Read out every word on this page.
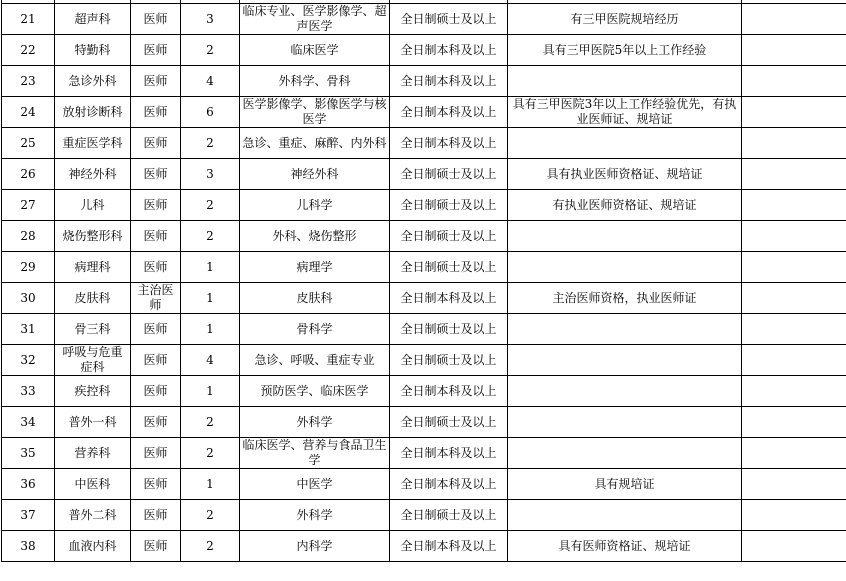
21	超声科	医师	3	临床专业、医学影像学、超声医学	全日制硕士及以上	有三甲医院规培经历	
22	特勤科	医师	2	临床医学	全日制本科及以上	具有三甲医院5年以上工作经验	
23	急诊外科	医师	4	外科学、骨科	全日制本科及以上		
24	放射诊断科	医师	6	医学影像学、影像医学与核医学	全日制本科及以上	具有三甲医院3年以上工作经验优先，有执业医师证、规培证	
25	重症医学科	医师	2	急诊、重症、麻醉、内外科	全日制本科及以上		
26	神经外科	医师	3	神经外科	全日制硕士及以上	具有执业医师资格证、规培证	
27	儿科	医师	2	儿科学	全日制硕士及以上	有执业医师资格证、规培证	
28	烧伤整形科	医师	2	外科、烧伤整形	全日制硕士及以上		
29	病理科	医师	1	病理学	全日制硕士及以上		
30	皮肤科	主治医师	1	皮肤科	全日制本科及以上	主治医师资格，执业医师证	
31	骨三科	医师	1	骨科学	全日制硕士及以上		
32	呼吸与危重症科	医师	4	急诊、呼吸、重症专业	全日制硕士及以上		
33	疾控科	医师	1	预防医学、临床医学	全日制本科及以上		
34	普外一科	医师	2	外科学	全日制硕士及以上		
35	营养科	医师	2	临床医学、营养与食品卫生学	全日制本科及以上		
36	中医科	医师	1	中医学	全日制本科及以上	具有规培证	
37	普外二科	医师	2	外科学	全日制硕士及以上		
38	血液内科	医师	2	内科学	全日制本科及以上	具有医师资格证、规培证	
